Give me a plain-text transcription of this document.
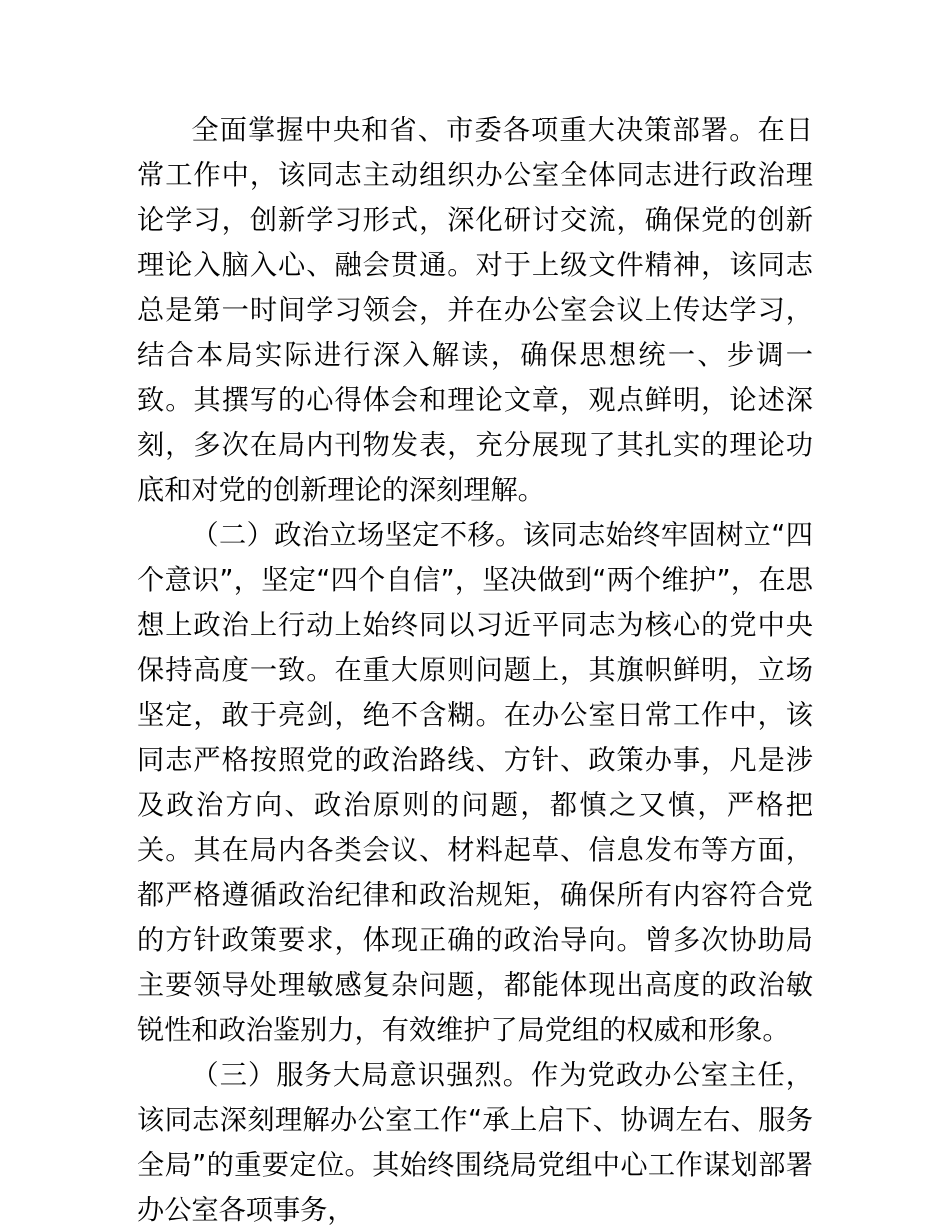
全面掌握中央和省、市委各项重大决策部署。在日常工作中，该同志主动组织办公室全体同志进行政治理论学习，创新学习形式，深化研讨交流，确保党的创新理论入脑入心、融会贯通。对于上级文件精神，该同志总是第一时间学习领会，并在办公室会议上传达学习，结合本局实际进行深入解读，确保思想统一、步调一致。其撰写的心得体会和理论文章，观点鲜明，论述深刻，多次在局内刊物发表，充分展现了其扎实的理论功底和对党的创新理论的深刻理解。

（二）政治立场坚定不移。该同志始终牢固树立“四个意识”，坚定“四个自信”，坚决做到“两个维护”，在思想上政治上行动上始终同以习近平同志为核心的党中央保持高度一致。在重大原则问题上，其旗帜鲜明，立场坚定，敢于亮剑，绝不含糊。在办公室日常工作中，该同志严格按照党的政治路线、方针、政策办事，凡是涉及政治方向、政治原则的问题，都慎之又慎，严格把关。其在局内各类会议、材料起草、信息发布等方面，都严格遵循政治纪律和政治规矩，确保所有内容符合党的方针政策要求，体现正确的政治导向。曾多次协助局主要领导处理敏感复杂问题，都能体现出高度的政治敏锐性和政治鉴别力，有效维护了局党组的权威和形象。

（三）服务大局意识强烈。作为党政办公室主任，该同志深刻理解办公室工作“承上启下、协调左右、服务全局”的重要定位。其始终围绕局党组中心工作谋划部署办公室各项事务，
